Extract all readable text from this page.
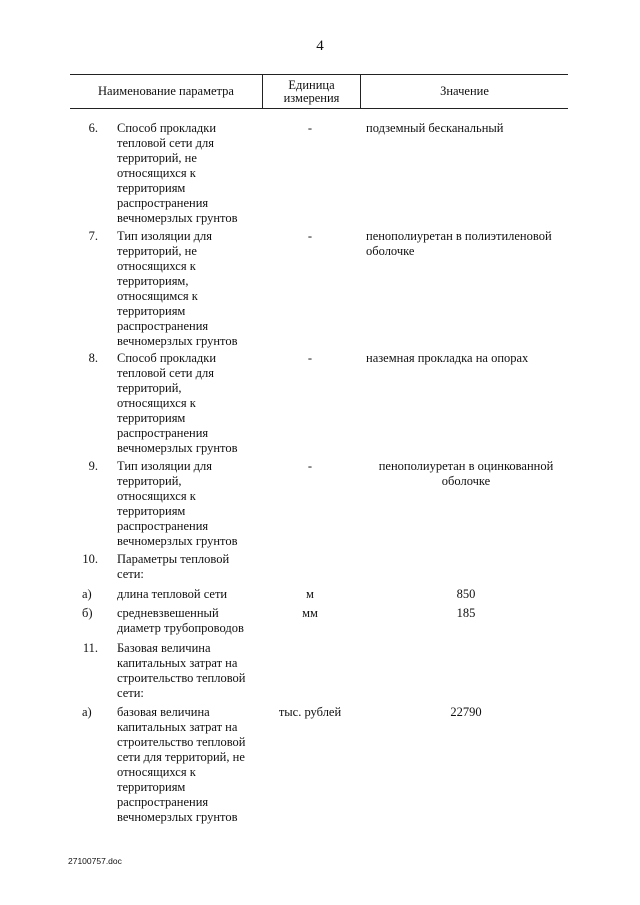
4
Наименование параметра	Единица
измерения	Значение
6. Способ прокладки
тепловой сети для
территорий, не
относящихся к
территориям
распространения
вечномерзлых грунтов
-	подземный бесканальный
7. Тип изоляции для
территорий, не
относящихся к
территориям,
относящимся к
территориям
распространения
вечномерзлых грунтов
-	пенополиуретан в полиэтиленовой
оболочке
8. Способ прокладки
тепловой сети для
территорий,
относящихся к
территориям
распространения
вечномерзлых грунтов
-	наземная прокладка на опорах
9. Тип изоляции для
территорий,
относящихся к
территориям
распространения
вечномерзлых грунтов
-	пенополиуретан в оцинкованной
оболочке
10. Параметры тепловой
сети:
а)	длина тепловой сети	м	850
б)	средневзвешенный
диаметр трубопроводов
мм	185
11. Базовая величина
капитальных затрат на
строительство тепловой
сети:
а)	базовая величина
капитальных затрат на
строительство тепловой
сети для территорий, не
относящихся к
территориям
распространения
вечномерзлых грунтов
тыс. рублей	22790
27100757.doc
